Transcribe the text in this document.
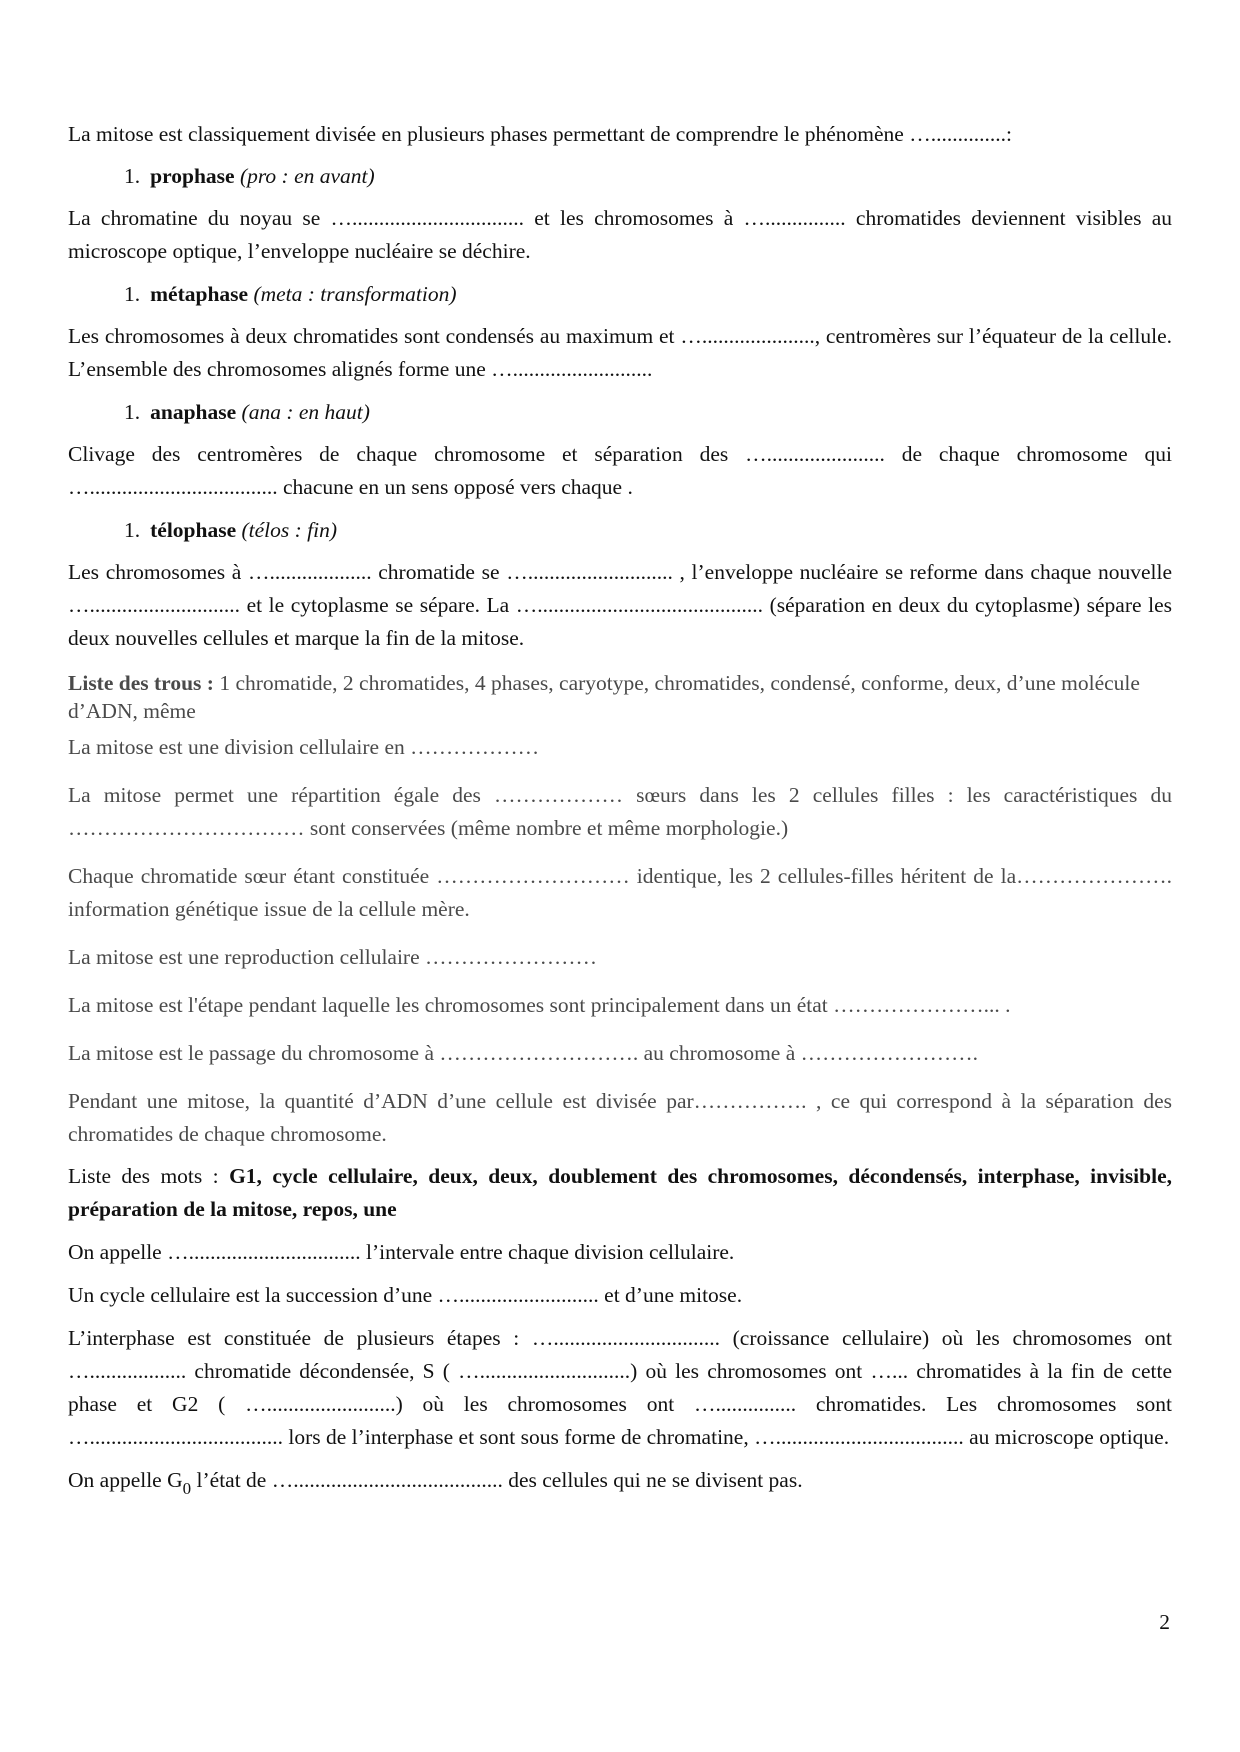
La mitose est classiquement divisée en plusieurs phases permettant de comprendre le phénomène …..............:

1. prophase (pro : en avant)

La chromatine du noyau se …................................ et les chromosomes à …............... chromatides deviennent visibles au microscope optique, l’enveloppe nucléaire se déchire.

1. métaphase (meta : transformation)

Les chromosomes à deux chromatides sont condensés au maximum et …....................., centromères sur l’équateur de la cellule. L’ensemble des chromosomes alignés forme une …..........................

1. anaphase (ana : en haut)

Clivage des centromères de chaque chromosome et séparation des …...................... de chaque chromosome qui …................................... chacune en un sens opposé vers chaque .

1. télophase (télos : fin)

Les chromosomes à …................... chromatide se …........................... , l’enveloppe nucléaire se reforme dans chaque nouvelle …............................ et le cytoplasme se sépare. La ….......................................... (séparation en deux du cytoplasme) sépare les deux nouvelles cellules et marque la fin de la mitose.

Liste des trous : 1 chromatide, 2 chromatides, 4 phases, caryotype, chromatides, condensé, conforme, deux, d’une molécule d’ADN, même

La mitose est une division cellulaire en ………………

La mitose permet une répartition égale des ……………… sœurs dans les 2 cellules filles : les caractéristiques du …………………………… sont conservées (même nombre et même morphologie.)

Chaque chromatide sœur étant constituée ……………………… identique, les 2 cellules-filles héritent de la…………………. information génétique issue de la cellule mère.

La mitose est une reproduction cellulaire ……………………

La mitose est l'étape pendant laquelle les chromosomes sont principalement dans un état …………………... .

La mitose est le passage du chromosome à ………………………. au chromosome à …………………….

Pendant une mitose, la quantité d’ADN d’une cellule est divisée par……………. , ce qui correspond à la séparation des chromatides de chaque chromosome.

Liste des mots : G1, cycle cellulaire, deux, deux, doublement des chromosomes, décondensés, interphase, invisible, préparation de la mitose, repos, une

On appelle …................................ l’intervale entre chaque division cellulaire.

Un cycle cellulaire est la succession d’une ….......................... et d’une mitose.

L’interphase est constituée de plusieurs étapes : …............................... (croissance cellulaire) où les chromosomes ont ….................. chromatide décondensée, S ( …............................) où les chromosomes ont …... chromatides à la fin de cette phase et G2 ( …........................) où les chromosomes ont …............... chromatides. Les chromosomes sont ….................................... lors de l’interphase et sont sous forme de chromatine, …................................... au microscope optique.

On appelle $G_0$ l’état de …....................................... des cellules qui ne se divisent pas.

2
